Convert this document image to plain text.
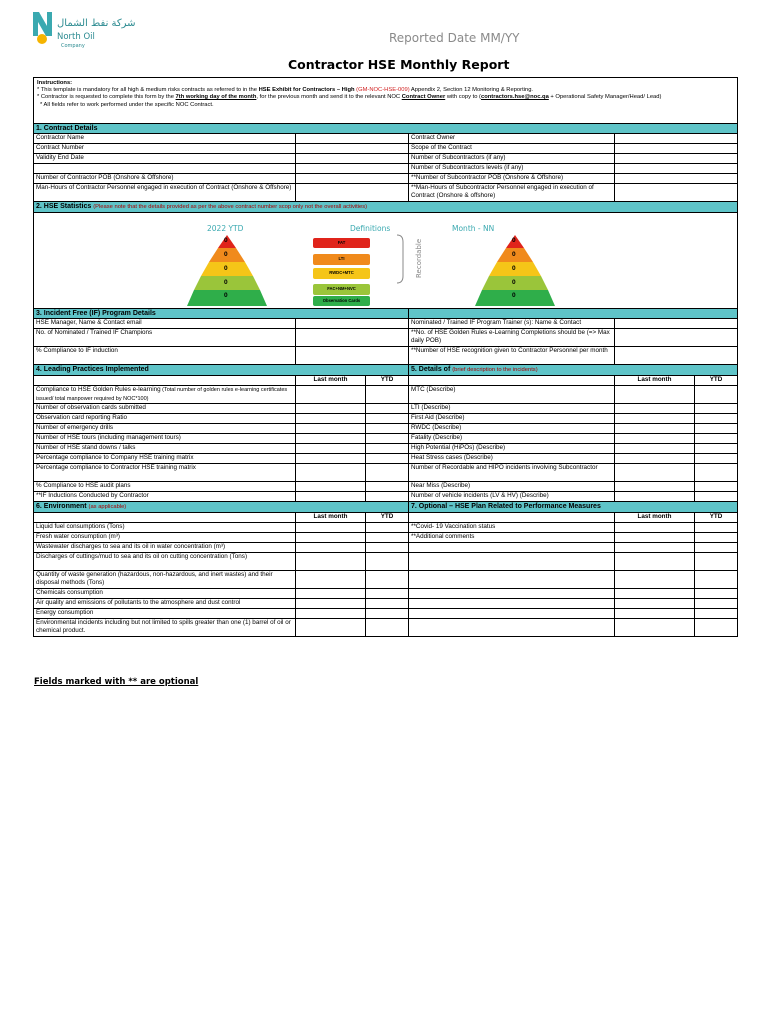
شركة نفط الشمال
North Oil
Company
Reported Date MM/YY
Contractor HSE Monthly Report
Instructions:
* This template is mandatory for all high & medium risks contracts as referred to in the HSE Exhibit for Contractors – High (GM-NOC-HSE-009) Appendix 2, Section 12 Monitoring & Reporting.
* Contractor is requested to complete this form by the 7th working day of the month, for the previous month and send it to the relevant NOC Contract Owner with copy to (contractors.hse@noc.qa + Operational Safety Manager/Head/ Lead)
* All fields refer to work performed under the specific NOC Contract.					

1. Contract Details					
Contractor Name			Contract Owner		
Contract Number			Scope of the Contract		
Validity End Date			Number of Subcontractors (if any)		
			Number of Subcontractors levels (if any)		
Number of Contractor POB (Onshore & Offshore)			**Number of Subcontractor POB (Onshore & Offshore)		
Man-Hours of Contractor Personnel engaged in execution of Contract (Onshore & Offshore)			**Man-Hours of Subcontractor Personnel engaged in execution of Contract (Onshore & offshore)		
2. HSE Statistics (Please note that the details provided as per the above contract number scop only not the overall activities)					

3. Incident Free (IF) Program Details					
HSE Manager, Name & Contact email			Nominated / Trained IF Program Trainer (s): Name & Contact		
No. of Nominated / Trained IF Champions			**No. of HSE Golden Rules e-Learning Completions should be (=> Max daily POB)		
% Compliance to IF induction			**Number of HSE recognition given to Contractor Personnel per month		
4. Leading Practices Implemented			5. Details of (brief description to the incidents)		
	Last month	YTD		Last month	YTD
Compliance to HSE Golden Rules e-learning (Total number of golden rules e-learning certificates issued/ total manpower required by NOC*100)			MTC (Describe)		
Number of observation cards submitted			LTI (Describe)		
Observation card reporting Ratio			First Aid (Describe)		
Number of emergency drills			RWDC (Describe)		
Number of HSE tours (including management tours)			Fatality (Describe)		
Number of HSE stand downs / talks			High Potential (HiPOs) (Describe)		
Percentage compliance to Company HSE training matrix			Heat Stress cases (Describe)		
Percentage compliance to Contractor HSE training matrix			Number of Recordable and HIPO incidents involving Subcontractor		
% Compliance to HSE audit plans			Near Miss (Describe)		
**IF Inductions Conducted by Contractor			Number of vehicle incidents (LV & HV) (Describe)		
6. Environment (as applicable)			7. Optional – HSE Plan Related to Performance Measures		
	Last month	YTD		Last month	YTD
Liquid fuel consumptions (Tons)			**Covid- 19 Vaccination status		
Fresh water consumption (m³)			**Additional comments		
Wastewater discharges to sea and its oil in water concentration (m³)					
Discharges of cuttings/mud to sea and its oil on cutting concentration (Tons)					
Quantity of waste generation (hazardous, non-hazardous, and inert wastes) and their disposal methods (Tons)					
Chemicals consumption					
Air quality and emissions of pollutants to the atmosphere and dust control					
Energy consumption					
Environmental incidents including but not limited to spills greater than one (1) barrel of oil or chemical product.					
2022 YTD	Definitions	Month - NN
0
0
0
0
0
0
0
0
0
0
FAT
LTI
RWDC+MTC
FAC+NM+NVC
Observation Cards
Recordable
Fields marked with ** are optional
